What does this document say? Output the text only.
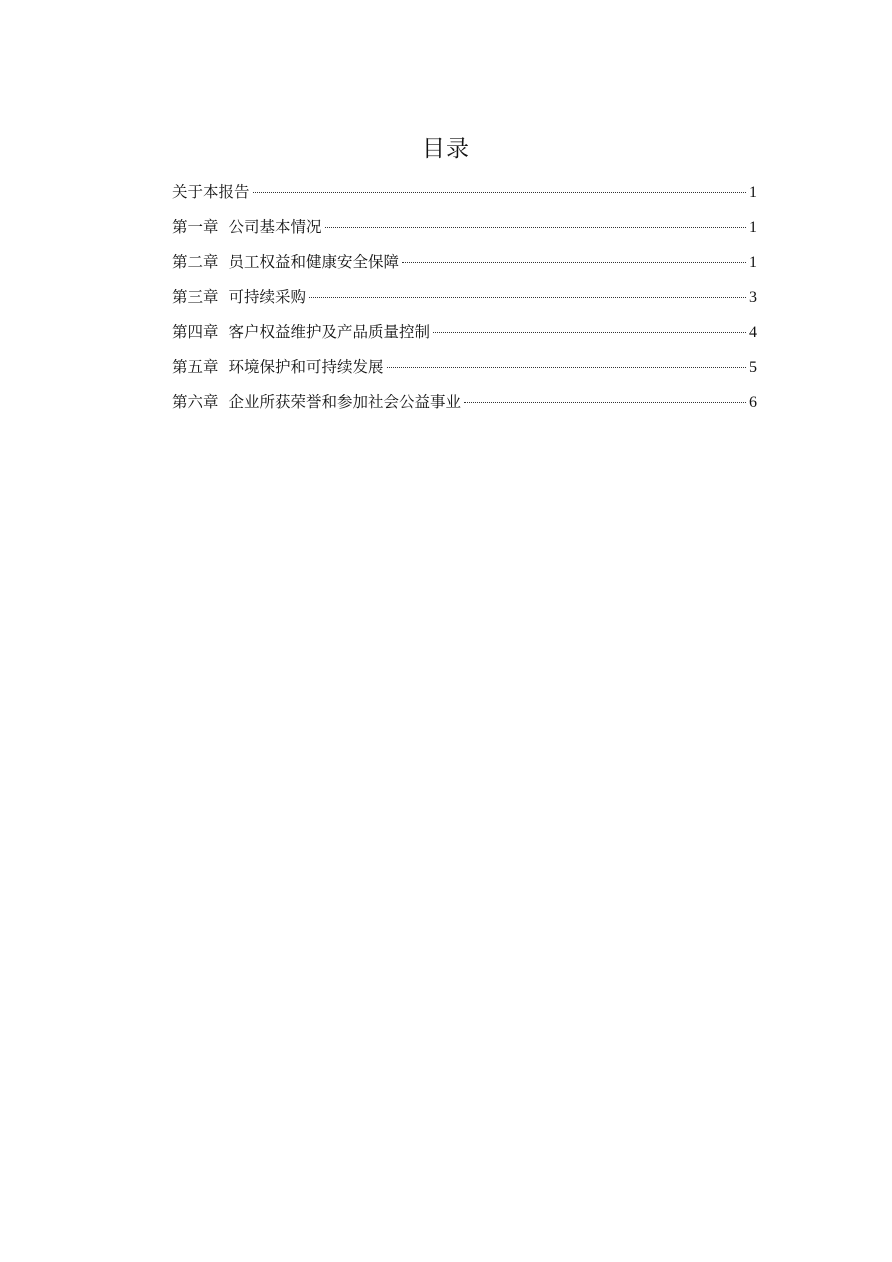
目录
关于本报告	1
第一章 公司基本情况	1
第二章 员工权益和健康安全保障	1
第三章 可持续采购	3
第四章 客户权益维护及产品质量控制	4
第五章 环境保护和可持续发展	5
第六章 企业所获荣誉和参加社会公益事业	6
